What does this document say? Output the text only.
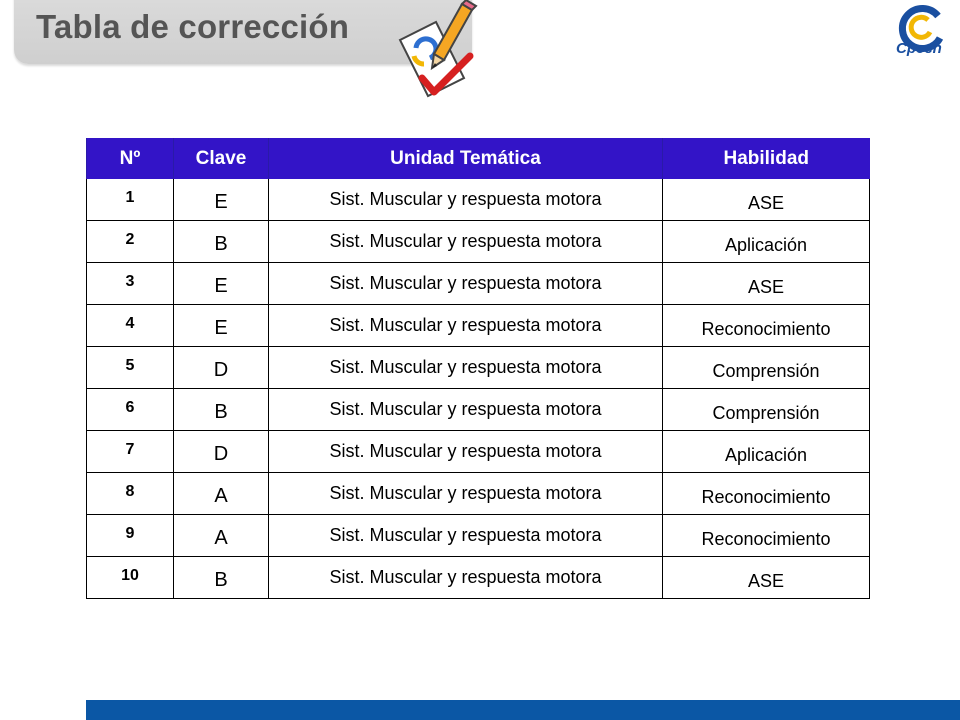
Tabla de corrección
Cpech
Nº	Clave	Unidad Temática	Habilidad
1	E	Sist. Muscular y respuesta motora	ASE
2	B	Sist. Muscular y respuesta motora	Aplicación
3	E	Sist. Muscular y respuesta motora	ASE
4	E	Sist. Muscular y respuesta motora	Reconocimiento
5	D	Sist. Muscular y respuesta motora	Comprensión
6	B	Sist. Muscular y respuesta motora	Comprensión
7	D	Sist. Muscular y respuesta motora	Aplicación
8	A	Sist. Muscular y respuesta motora	Reconocimiento
9	A	Sist. Muscular y respuesta motora	Reconocimiento
10	B	Sist. Muscular y respuesta motora	ASE
